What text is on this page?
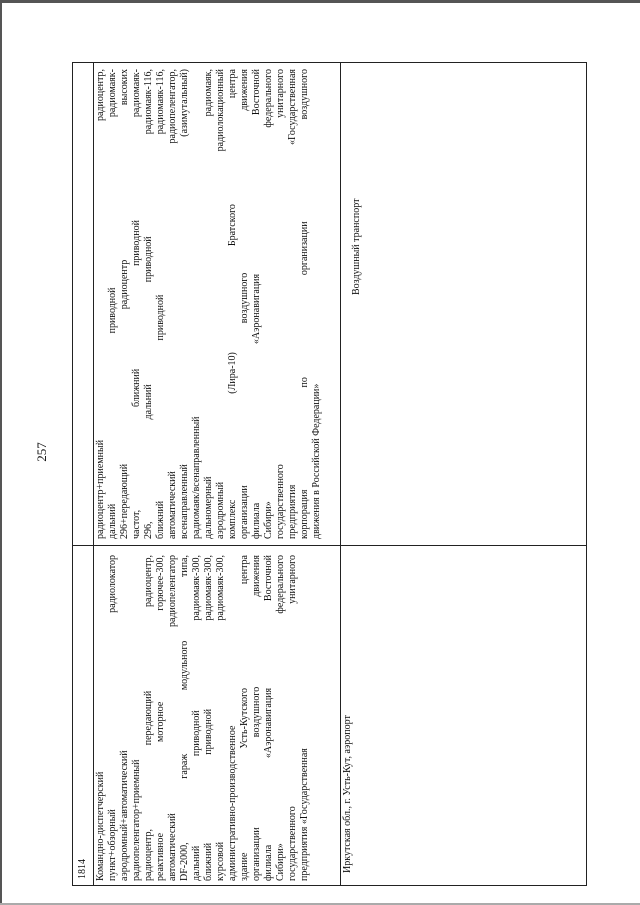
257	радиоцентр+приемный радиоцентр, дальний приводной радиомаяк- 296+передающий радиоцентр высоких частот, ближний приводной радиомаяк- 296, дальний приводной радиомаяк-116, ближний приводной радиомаяк-116, автоматический радиопеленгатор, всенаправленный (азимутальный) радиомаяк/всенаправленный дальномерный радиомаяк, аэродромный радиолокационный комплекс (Лира-10) Братского центра организации воздушного движения филиала «Аэронавигация Восточной Сибири» федерального государственного унитарного предприятия «Государственная корпорация по организации воздушного движения в Российской Федерации»
Воздушный транспорт
1814 Командно-диспетчерский пункт+обзорный радиолокатор аэродромный+автоматический радиопеленгатор+приемный радиоцентр, передающий радиоцентр, реактивное моторное горючее-300, автоматический радиопеленгатор DF-2000, гараж модульного типа, дальний приводной радиомаяк-300, ближний приводной радиомаяк-300, курсовой радиомаяк-300, административно-производственное здание Усть-Кутского центра организации воздушного движения филиала «Аэронавигация Восточной Сибири» федерального государственного унитарного предприятия «Государственная	Иркутская обл., г. Усть-Кут, аэропорт
